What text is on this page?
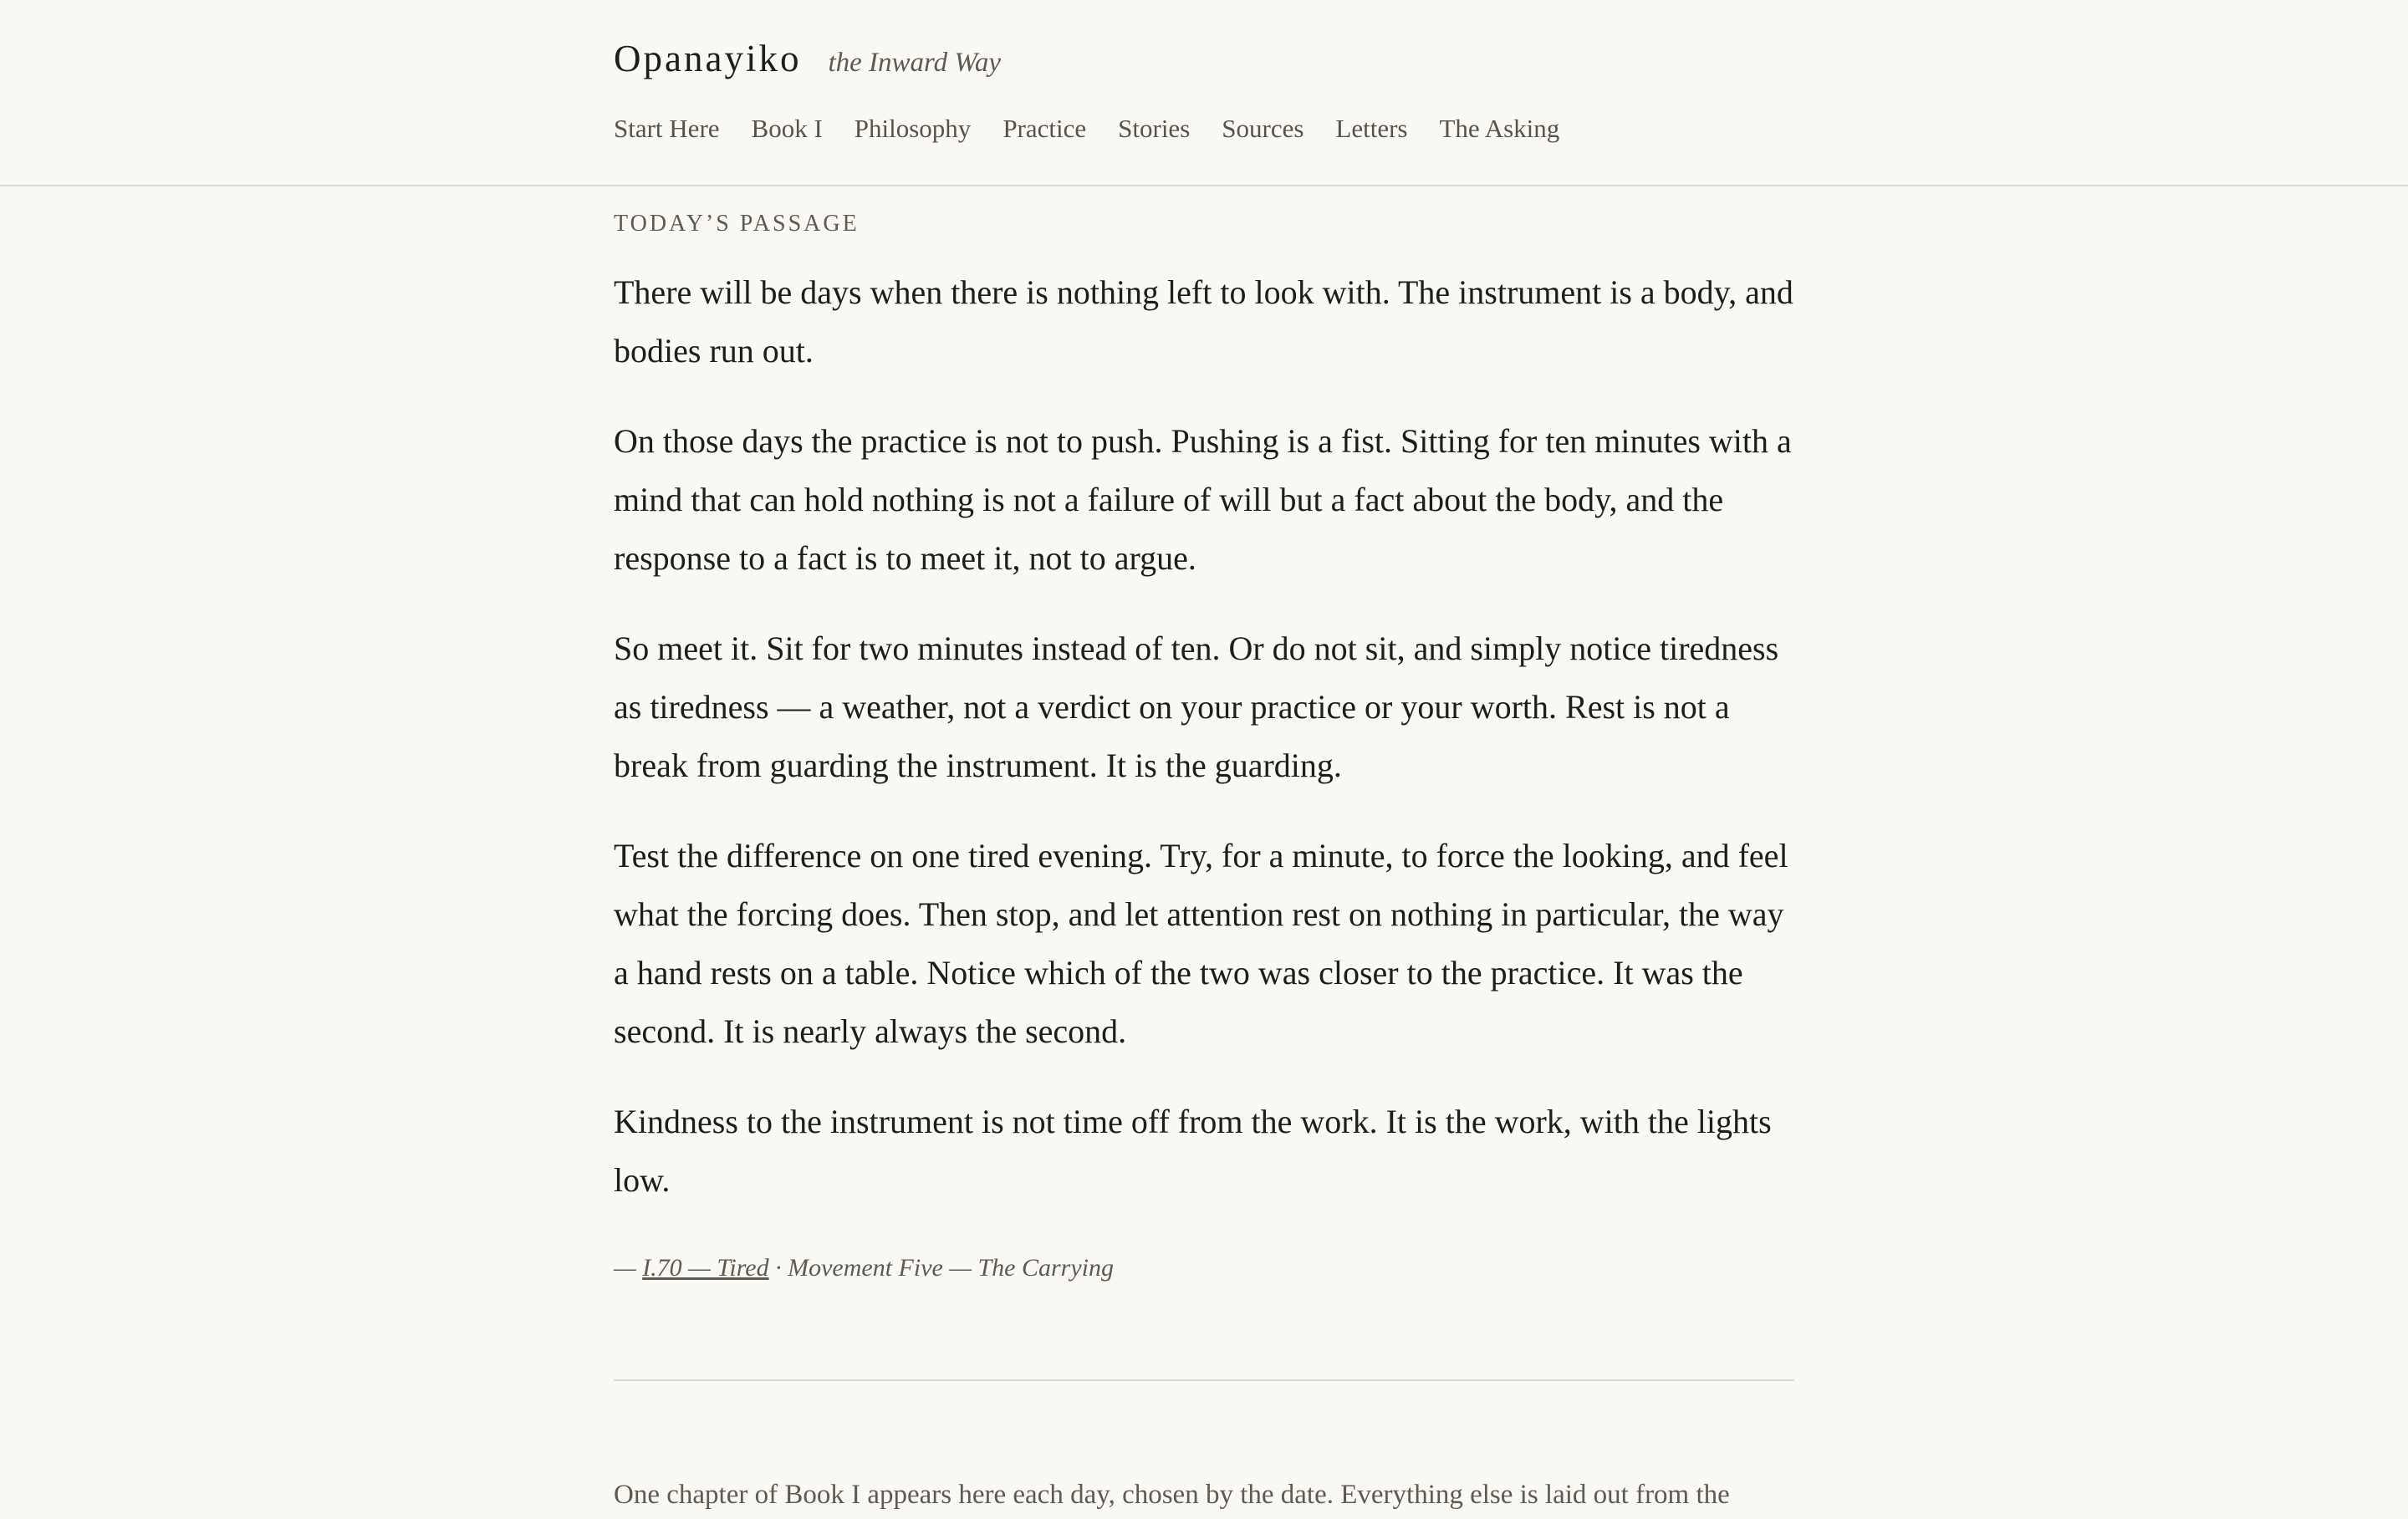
Opanayiko the Inward Way
Start Here Book I Philosophy Practice Stories Sources Letters The Asking
TODAY’S PASSAGE

There will be days when there is nothing left to look with. The instrument is a body, and bodies run out.

On those days the practice is not to push. Pushing is a fist. Sitting for ten minutes with a mind that can hold nothing is not a failure of will but a fact about the body, and the response to a fact is to meet it, not to argue.

So meet it. Sit for two minutes instead of ten. Or do not sit, and simply notice tiredness as tiredness — a weather, not a verdict on your practice or your worth. Rest is not a break from guarding the instrument. It is the guarding.

Test the difference on one tired evening. Try, for a minute, to force the looking, and feel what the forcing does. Then stop, and let attention rest on nothing in particular, the way a hand rests on a table. Notice which of the two was closer to the practice. It was the second. It is nearly always the second.

Kindness to the instrument is not time off from the work. It is the work, with the lights low.

— I.70 — Tired · Movement Five — The Carrying

One chapter of Book I appears here each day, chosen by the date. Everything else is laid out from the
